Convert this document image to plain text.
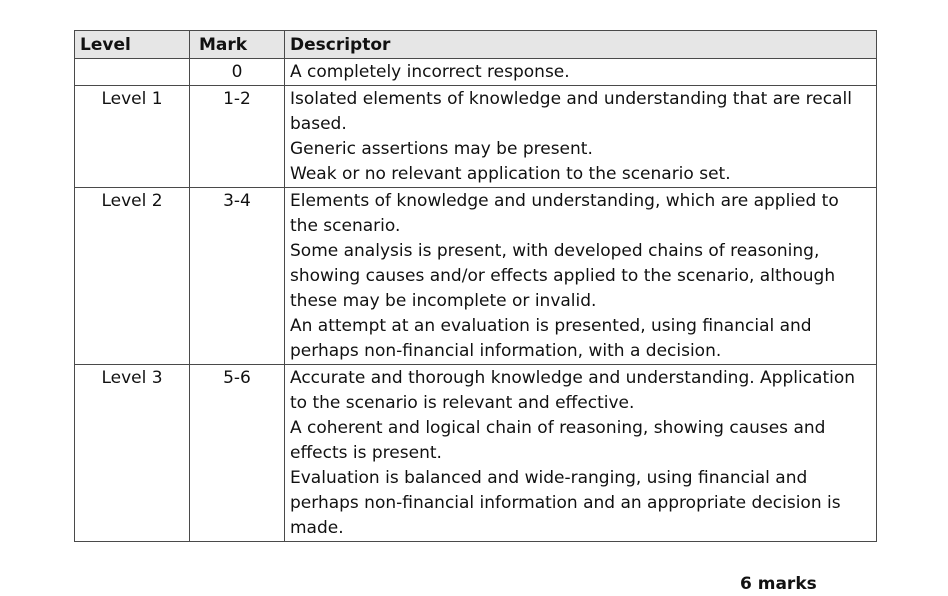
Level	Mark	Descriptor
	0	A completely incorrect response.

Level 1	1-2	Isolated elements of knowledge and understanding that are recall based.
Generic assertions may be present.
Weak or no relevant application to the scenario set.

Level 2	3-4	Elements of knowledge and understanding, which are applied to the scenario.
Some analysis is present, with developed chains of reasoning, showing causes and/or effects applied to the scenario, although these may be incomplete or invalid.
An attempt at an evaluation is presented, using financial and perhaps non-financial information, with a decision.

Level 3	5-6	Accurate and thorough knowledge and understanding. Application to the scenario is relevant and effective.
A coherent and logical chain of reasoning, showing causes and effects is present.
Evaluation is balanced and wide-ranging, using financial and perhaps non-financial information and an appropriate decision is made.
6 marks
